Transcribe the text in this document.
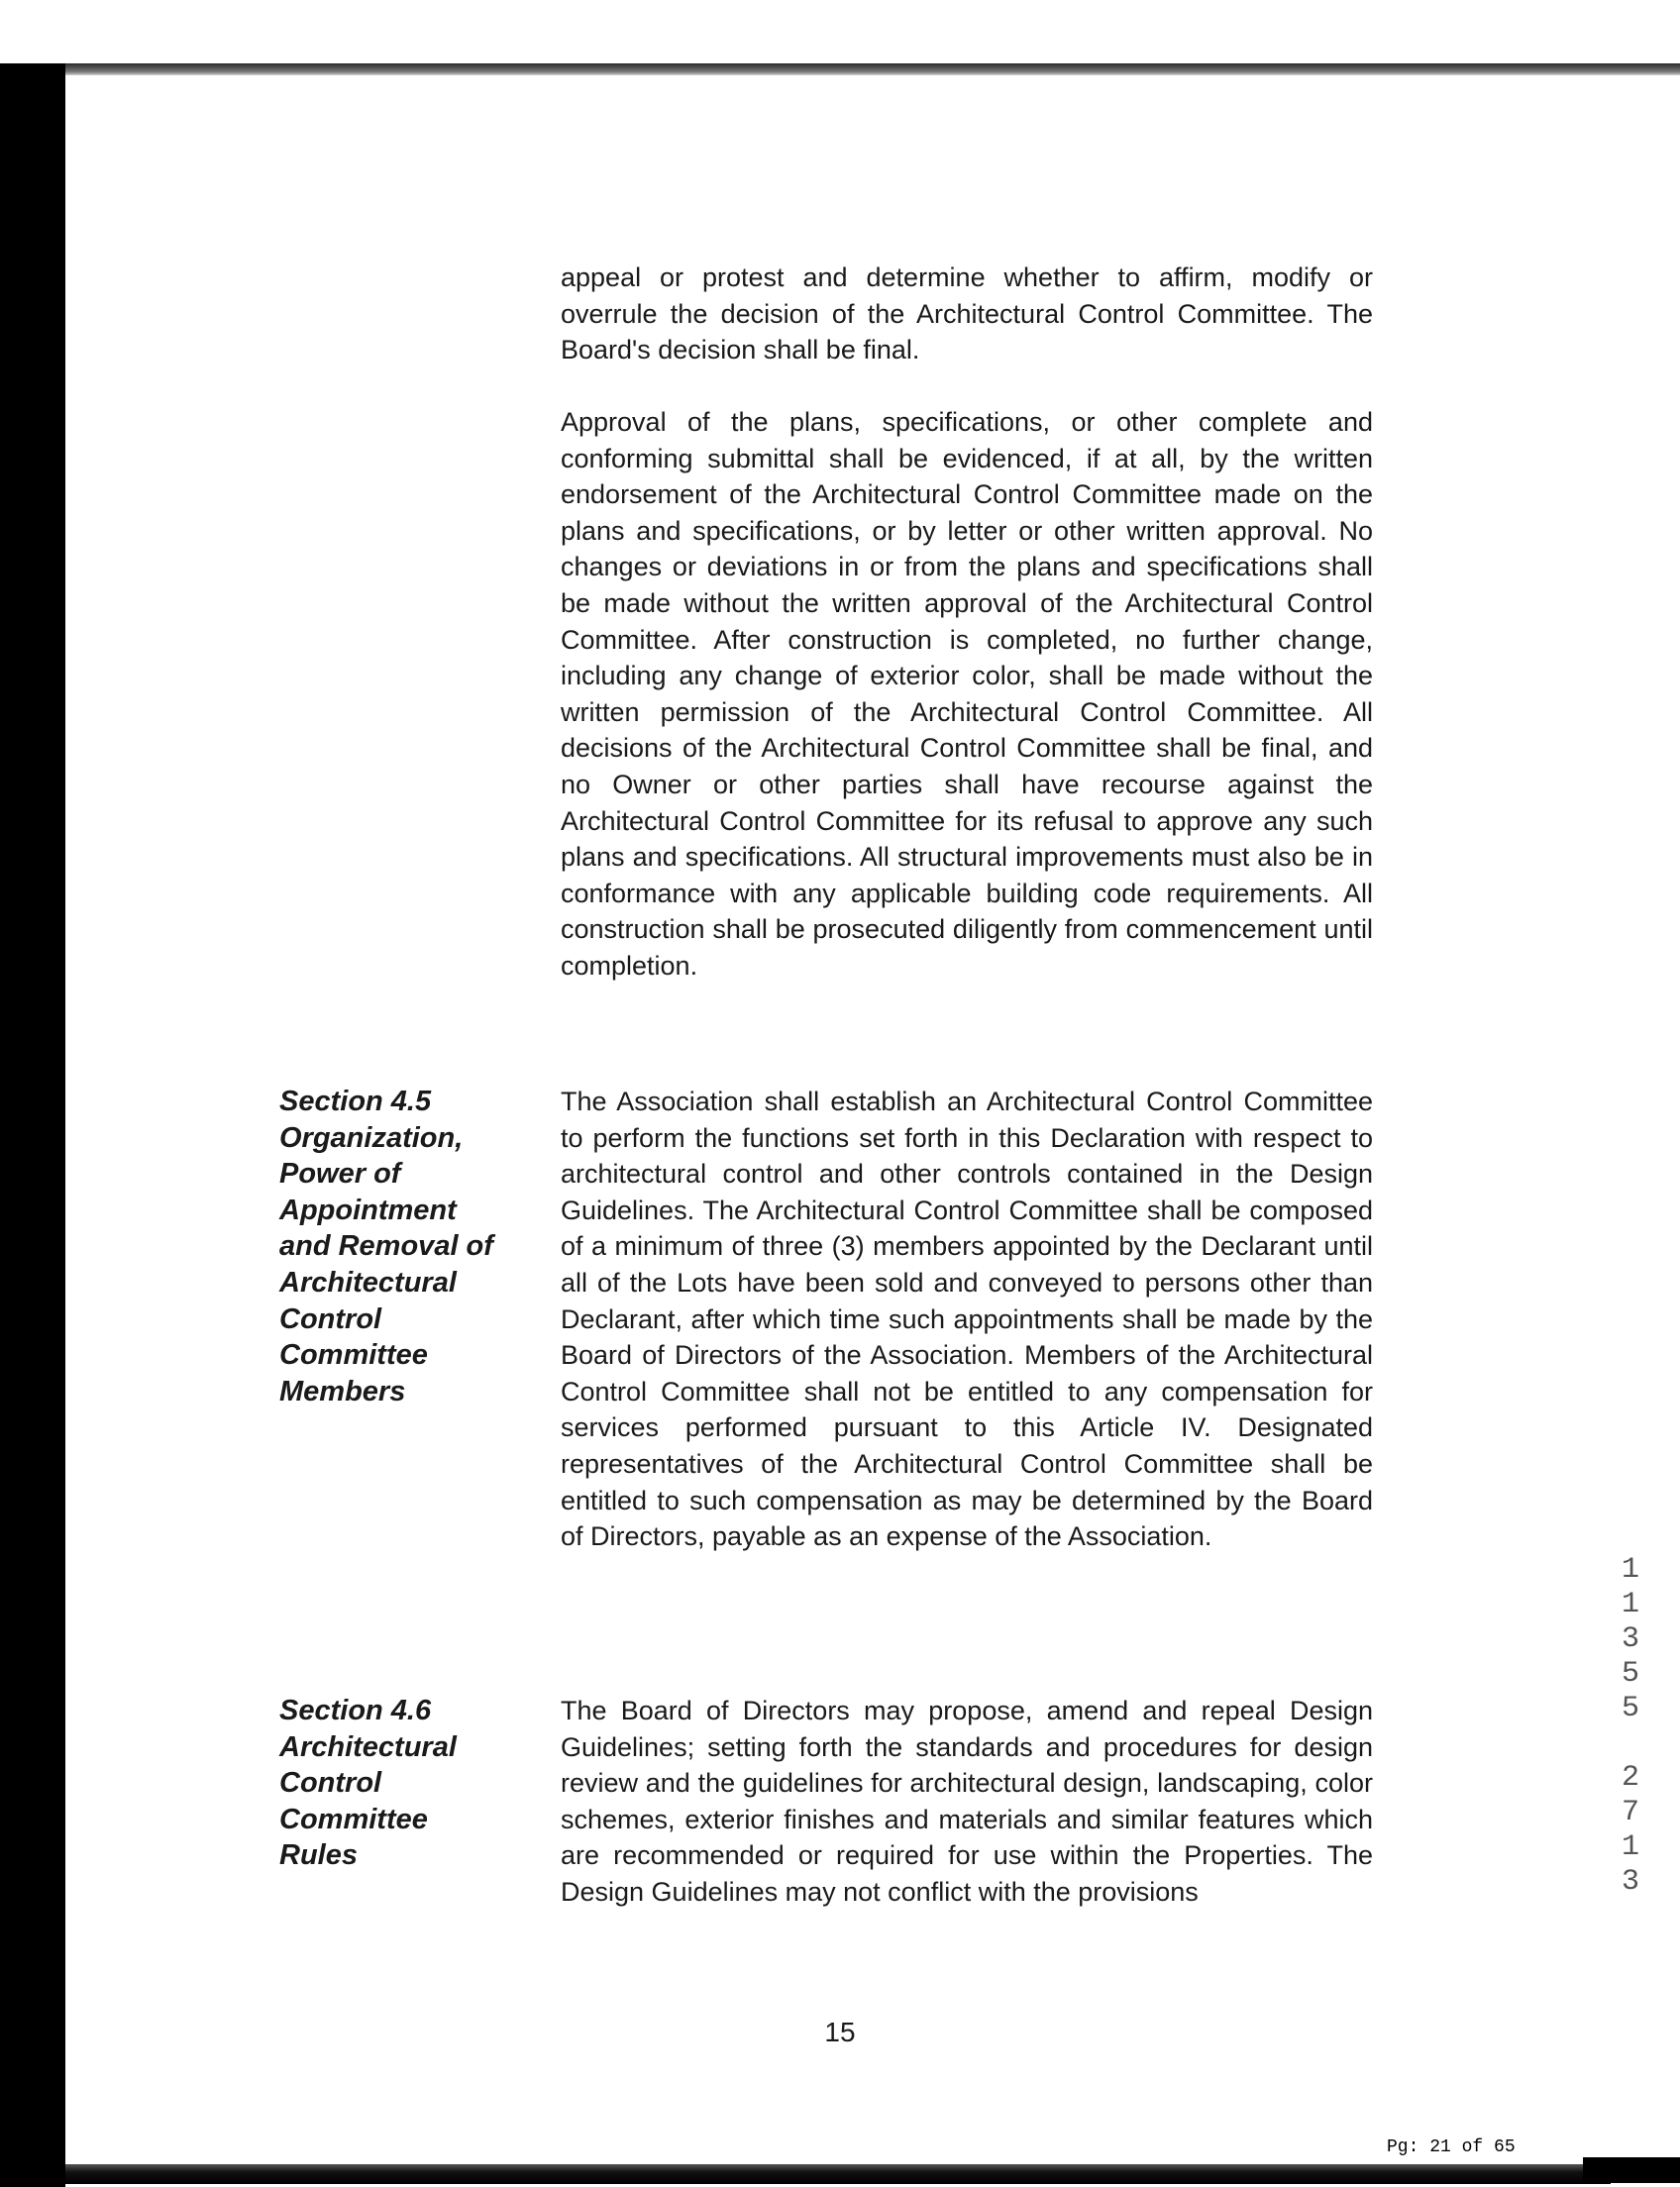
appeal or protest and determine whether to affirm, modify or overrule the decision of the Architectural Control Committee. The Board's decision shall be final.

Approval of the plans, specifications, or other complete and conforming submittal shall be evidenced, if at all, by the written endorsement of the Architectural Control Committee made on the plans and specifications, or by letter or other written approval. No changes or deviations in or from the plans and specifications shall be made without the written approval of the Architectural Control Committee. After construction is completed, no further change, including any change of exterior color, shall be made without the written permission of the Architectural Control Committee. All decisions of the Architectural Control Committee shall be final, and no Owner or other parties shall have recourse against the Architectural Control Committee for its refusal to approve any such plans and specifications. All structural improvements must also be in conformance with any applicable building code requirements. All construction shall be prosecuted diligently from commencement until completion.

Section 4.5
Organization,
Power of
Appointment
and Removal of
Architectural
Control
Committee
Members

The Association shall establish an Architectural Control Committee to perform the functions set forth in this Declaration with respect to architectural control and other controls contained in the Design Guidelines. The Architectural Control Committee shall be composed of a minimum of three (3) members appointed by the Declarant until all of the Lots have been sold and conveyed to persons other than Declarant, after which time such appointments shall be made by the Board of Directors of the Association. Members of the Architectural Control Committee shall not be entitled to any compensation for services performed pursuant to this Article IV. Designated representatives of the Architectural Control Committee shall be entitled to such compensation as may be determined by the Board of Directors, payable as an expense of the Association.

Section 4.6
Architectural
Control
Committee
Rules

The Board of Directors may propose, amend and repeal Design Guidelines; setting forth the standards and procedures for design review and the guidelines for architectural design, landscaping, color schemes, exterior finishes and materials and similar features which are recommended or required for use within the Properties. The Design Guidelines may not conflict with the provisions

15
1
1
3
5
5

2
7
1
3
Pg: 21 of 65
